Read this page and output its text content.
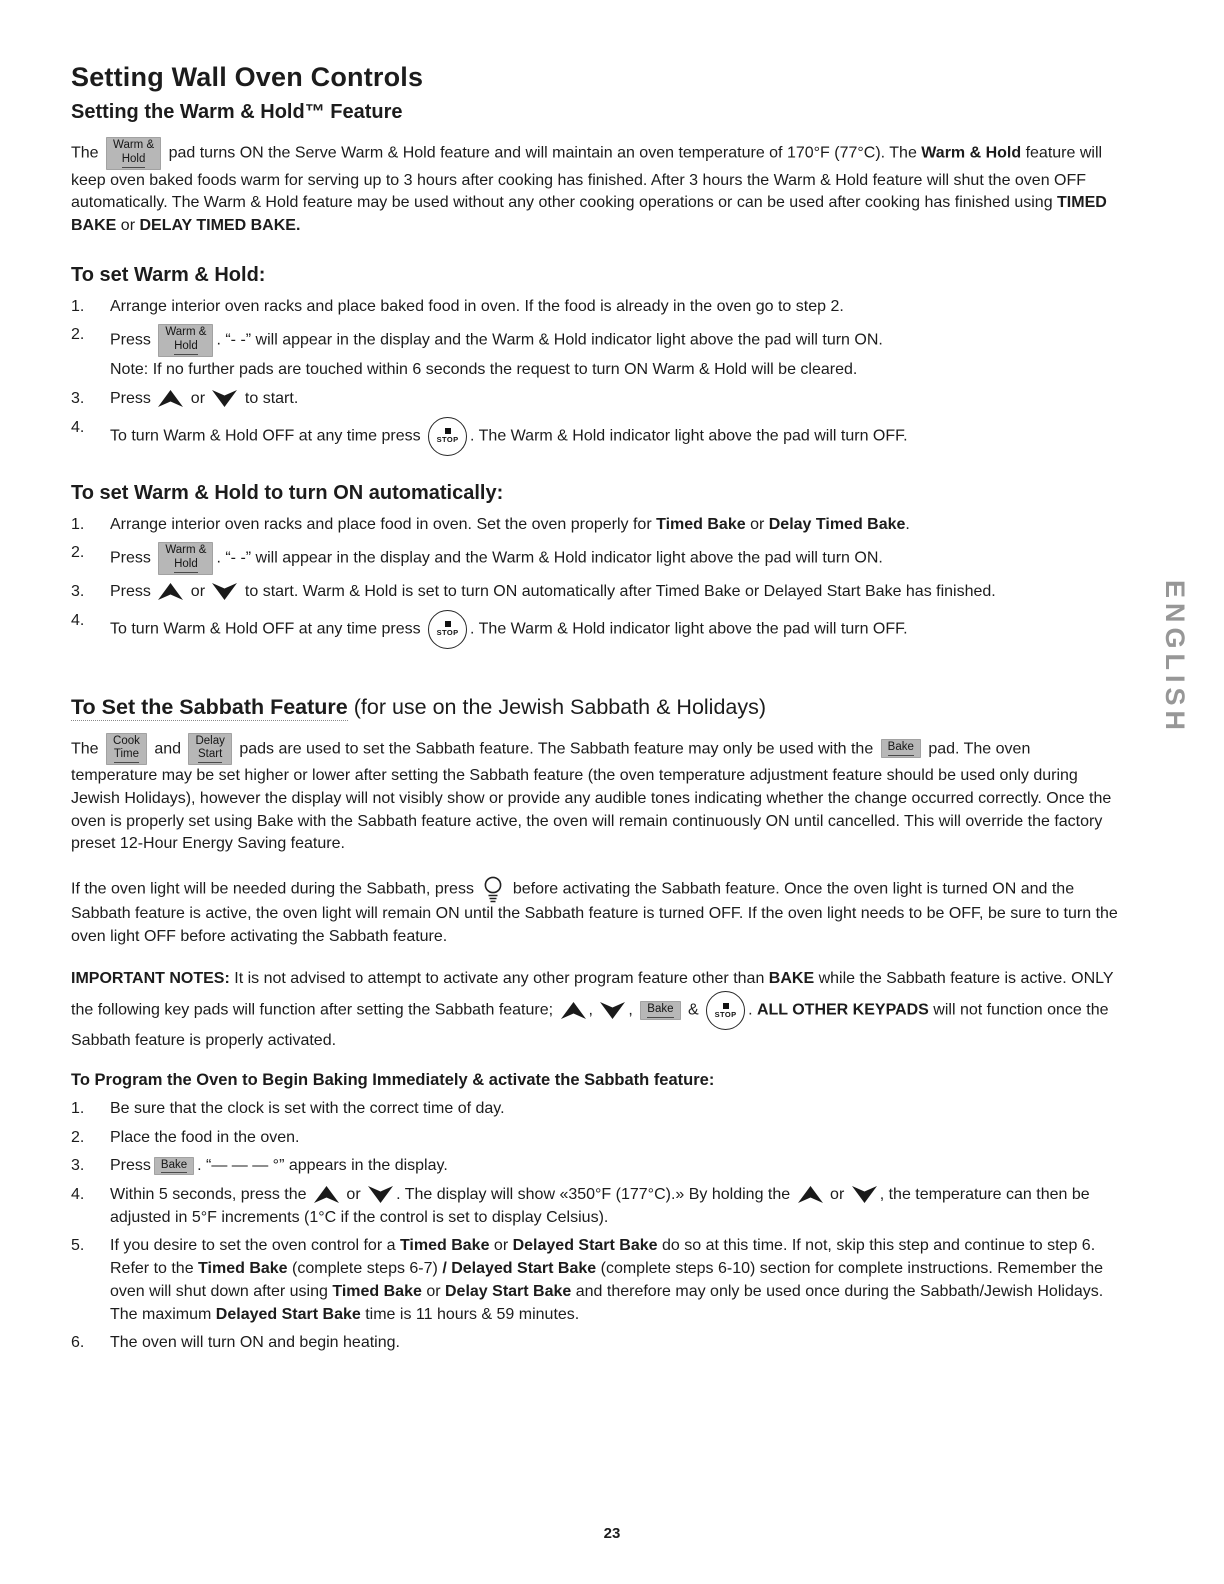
Setting Wall Oven Controls
Setting the Warm & Hold™ Feature

The Warm &
Hold pad turns ON the Serve Warm & Hold feature and will maintain an oven temperature of 170°F (77°C). The Warm & Hold feature will keep oven baked foods warm for serving up to 3 hours after cooking has finished. After 3 hours the Warm & Hold feature will shut the oven OFF automatically. The Warm & Hold feature may be used without any other cooking operations or can be used after cooking has finished using TIMED BAKE or DELAY TIMED BAKE.

To set Warm & Hold:
1.	Arrange interior oven racks and place baked food in oven. If the food is already in the oven go to step 2.
2.	Press Warm &
Hold . “- -” will appear in the display and the Warm & Hold indicator light above the pad will turn ON.
Note: If no further pads are touched within 6 seconds the request to turn ON Warm & Hold will be cleared.
3.	Press
or
to start.
4.
To turn Warm & Hold OFF at any time press STOP . The Warm & Hold indicator light above the pad will turn OFF.
To set Warm & Hold to turn ON automatically:
1.	Arrange interior oven racks and place food in oven. Set the oven properly for Timed Bake or Delay Timed Bake.
2.	Press Warm &
Hold . “- -” will appear in the display and the Warm & Hold indicator light above the pad will turn ON.
3.	Press
or
to start. Warm & Hold is set to turn ON automatically after Timed Bake or Delayed Start Bake has finished.
4.
To turn Warm & Hold OFF at any time press STOP . The Warm & Hold indicator light above the pad will turn OFF.
To Set the Sabbath Feature (for use on the Jewish Sabbath & Holidays)

The Cook
Time and Delay
Start pads are used to set the Sabbath feature. The Sabbath feature may only be used with the Bake pad. The oven temperature may be set higher or lower after setting the Sabbath feature (the oven temperature adjustment feature should be used only during Jewish Holidays), however the display will not visibly show or provide any audible tones indicating whether the change occurred correctly. Once the oven is properly set using Bake with the Sabbath feature active, the oven will remain continuously ON until cancelled. This will override the factory preset 12-Hour Energy Saving feature.

If the oven light will be needed during the Sabbath, press
before activating the Sabbath feature. Once the oven light is turned ON and the Sabbath feature is active, the oven light will remain ON until the Sabbath feature is turned OFF. If the oven light needs to be OFF, be sure to turn the oven light OFF before activating the Sabbath feature.

IMPORTANT NOTES: It is not advised to attempt to activate any other program feature other than BAKE while the Sabbath feature is active. ONLY the following key pads will function after setting the Sabbath feature;
,
, Bake & STOP . ALL OTHER KEYPADS will not function once the Sabbath feature is properly activated.

To Program the Oven to Begin Baking Immediately & activate the Sabbath feature:
1.	Be sure that the clock is set with the correct time of day.
2.	Place the food in the oven.
3.	Press Bake . “— — — °” appears in the display.
4.	Within 5 seconds, press the
or
. The display will show «350°F (177°C).» By holding the
or
, the temperature can then be adjusted in 5°F increments (1°C if the control is set to display Celsius).
5.	If you desire to set the oven control for a Timed Bake or Delayed Start Bake do so at this time. If not, skip this step and continue to step 6. Refer to the Timed Bake (complete steps 6-7) / Delayed Start Bake (complete steps 6-10) section for complete instructions. Remember the oven will shut down after using Timed Bake or Delay Start Bake and therefore may only be used once during the Sabbath/Jewish Holidays. The maximum Delayed Start Bake time is 11 hours & 59 minutes.
6.	The oven will turn ON and begin heating.
ENGLISH
23
